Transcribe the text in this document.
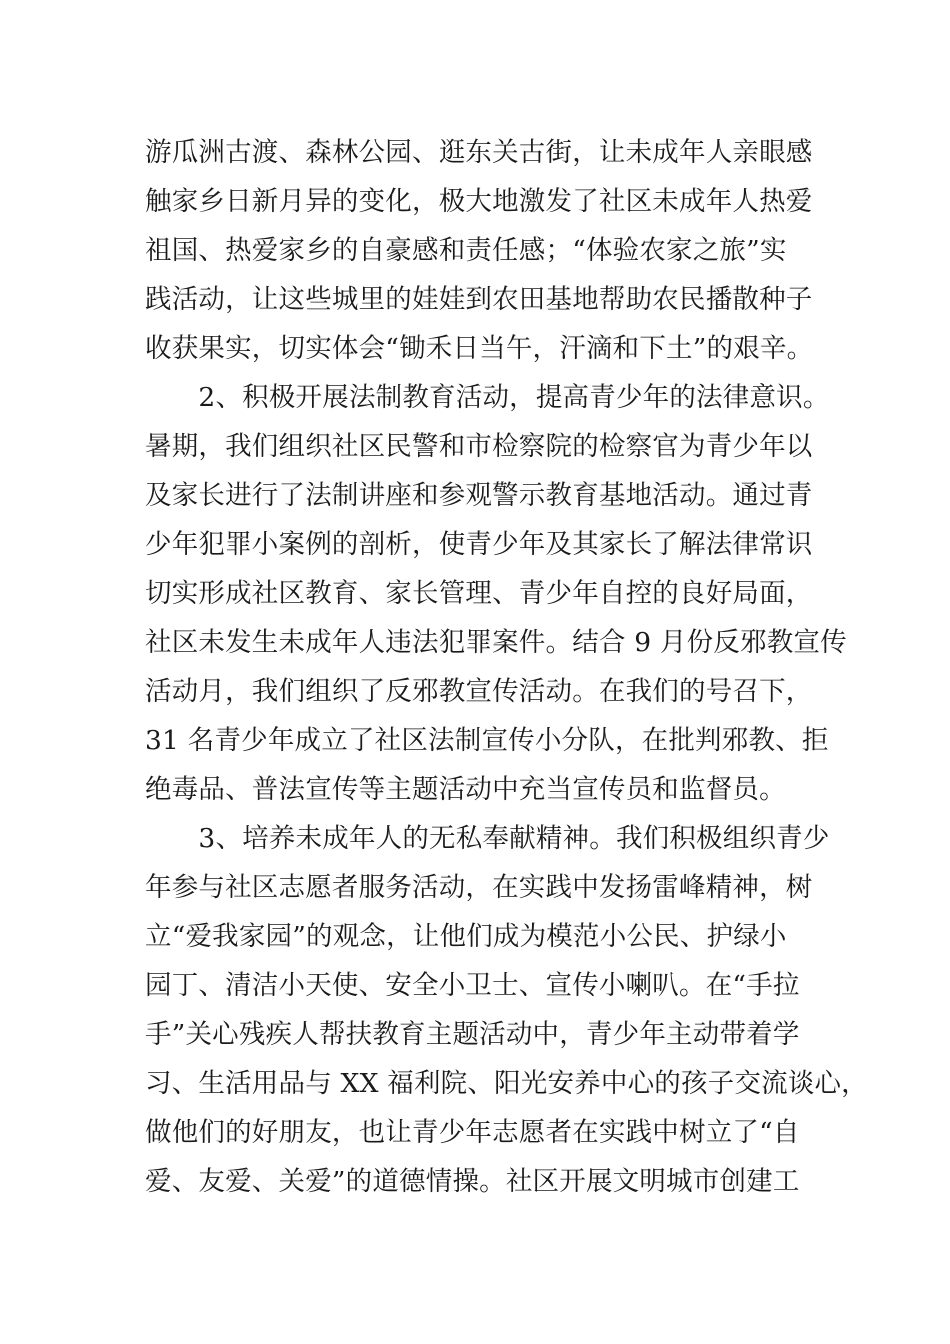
游瓜洲古渡、森林公园、逛东关古街，让未成年人亲眼感
触家乡日新月异的变化，极大地激发了社区未成年人热爱
祖国、热爱家乡的自豪感和责任感；“体验农家之旅”实
践活动，让这些城里的娃娃到农田基地帮助农民播散种子
收获果实，切实体会“锄禾日当午，汗滴和下土”的艰辛。
　　2、积极开展法制教育活动，提高青少年的法律意识。
暑期，我们组织社区民警和市检察院的检察官为青少年以
及家长进行了法制讲座和参观警示教育基地活动。通过青
少年犯罪小案例的剖析，使青少年及其家长了解法律常识
切实形成社区教育、家长管理、青少年自控的良好局面，
社区未发生未成年人违法犯罪案件。结合 9 月份反邪教宣传
活动月，我们组织了反邪教宣传活动。在我们的号召下，
31 名青少年成立了社区法制宣传小分队，在批判邪教、拒
绝毒品、普法宣传等主题活动中充当宣传员和监督员。
　　3、培养未成年人的无私奉献精神。我们积极组织青少
年参与社区志愿者服务活动，在实践中发扬雷峰精神，树
立“爱我家园”的观念，让他们成为模范小公民、护绿小
园丁、清洁小天使、安全小卫士、宣传小喇叭。在“手拉
手”关心残疾人帮扶教育主题活动中，青少年主动带着学
习、生活用品与 XX 福利院、阳光安养中心的孩子交流谈心，
做他们的好朋友，也让青少年志愿者在实践中树立了“自
爱、友爱、关爱”的道德情操。社区开展文明城市创建工
